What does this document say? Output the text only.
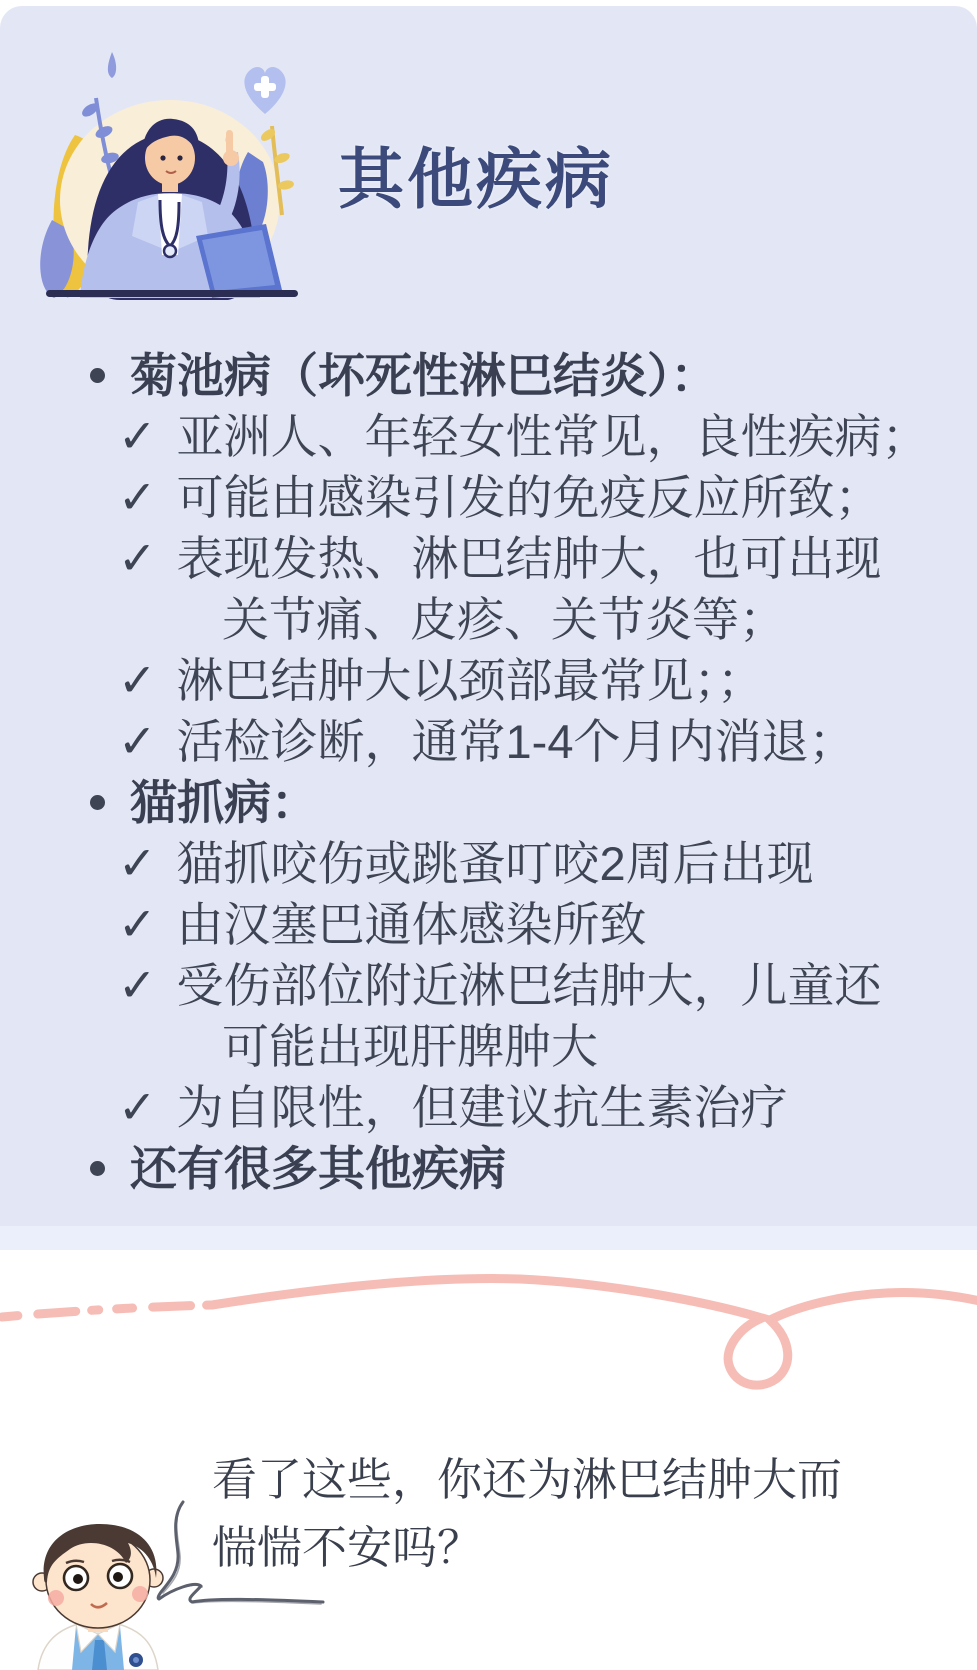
其他疾病
菊池病（坏死性淋巴结炎）：
✓ 亚洲人、年轻女性常见，良性疾病；
✓ 可能由感染引发的免疫反应所致；
✓ 表现发热、淋巴结肿大，也可出现
关节痛、皮疹、关节炎等；
✓ 淋巴结肿大以颈部最常见；；
✓ 活检诊断，通常1-4个月内消退；
猫抓病：
✓ 猫抓咬伤或跳蚤叮咬2周后出现
✓ 由汉塞巴通体感染所致
✓ 受伤部位附近淋巴结肿大，儿童还
可能出现肝脾肿大
✓ 为自限性，但建议抗生素治疗
还有很多其他疾病
看了这些，你还为淋巴结肿大而
惴惴不安吗？
